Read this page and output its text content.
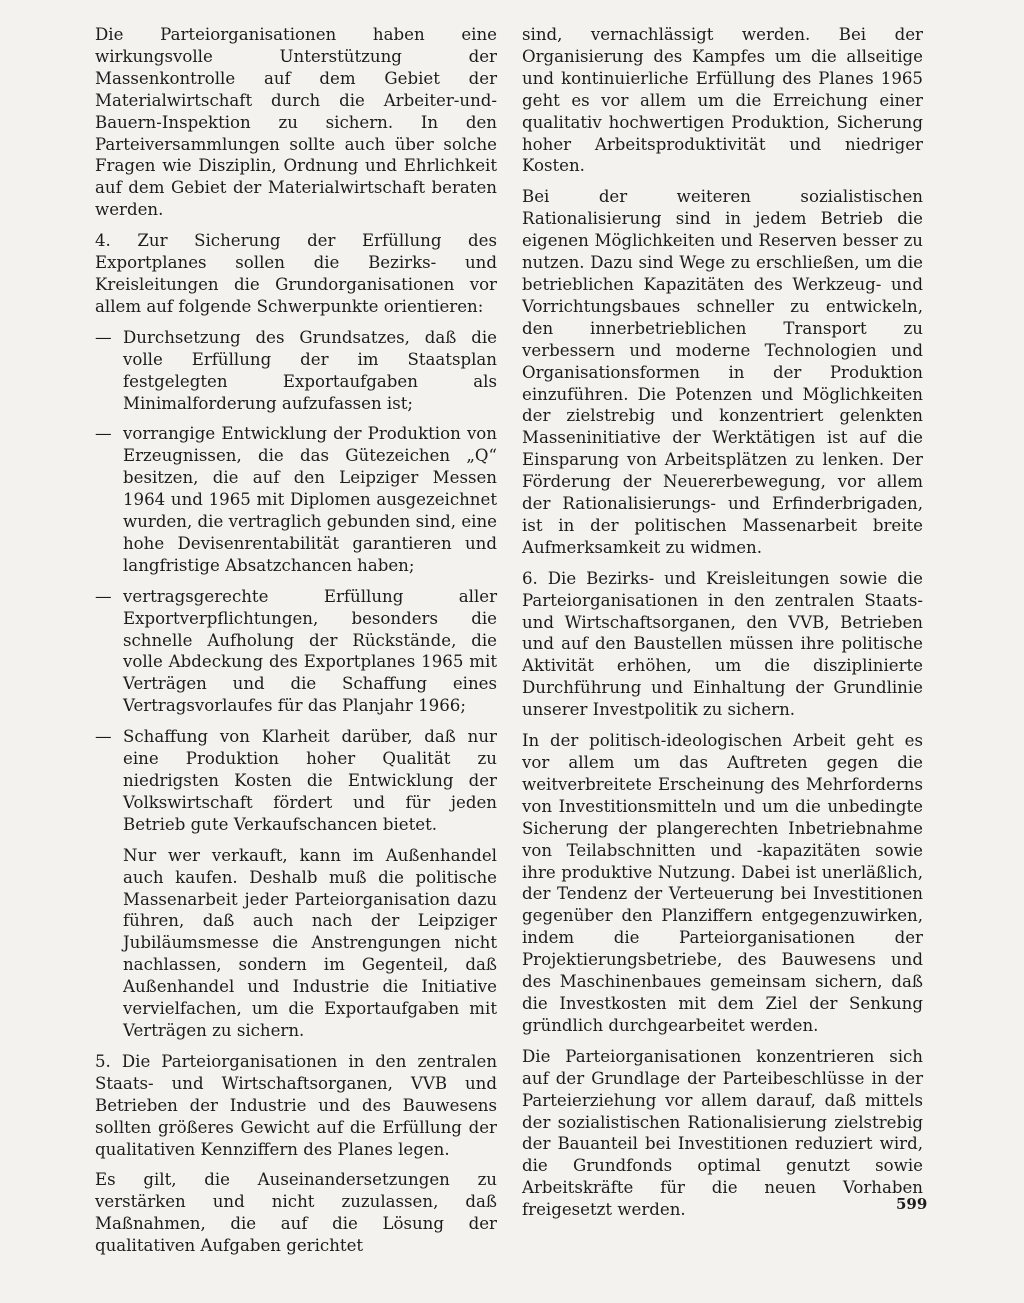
Die Parteiorganisationen haben eine wirkungsvolle Unterstützung der Massenkontrolle auf dem Gebiet der Materialwirtschaft durch die Arbeiter-und-Bauern-Inspektion zu sichern. In den Parteiversammlungen sollte auch über solche Fragen wie Disziplin, Ordnung und Ehrlichkeit auf dem Gebiet der Materialwirtschaft beraten werden.

4. Zur Sicherung der Erfüllung des Exportplanes sollen die Bezirks- und Kreisleitungen die Grundorganisationen vor allem auf folgende Schwerpunkte orientieren:

— Durchsetzung des Grundsatzes, daß die volle Erfüllung der im Staatsplan festgelegten Exportaufgaben als Minimalforderung aufzufassen ist;
— vorrangige Entwicklung der Produktion von Erzeugnissen, die das Gütezeichen „Q“ besitzen, die auf den Leipziger Messen 1964 und 1965 mit Diplomen ausgezeichnet wurden, die vertraglich gebunden sind, eine hohe Devisenrentabilität garantieren und langfristige Absatzchancen haben;
— vertragsgerechte Erfüllung aller Exportverpflichtungen, besonders die schnelle Aufholung der Rückstände, die volle Abdeckung des Exportplanes 1965 mit Verträgen und die Schaffung eines Vertragsvorlaufes für das Planjahr 1966;
— Schaffung von Klarheit darüber, daß nur eine Produktion hoher Qualität zu niedrigsten Kosten die Entwicklung der Volkswirtschaft fördert und für jeden Betrieb gute Verkaufschancen bietet.

Nur wer verkauft, kann im Außenhandel auch kaufen. Deshalb muß die politische Massenarbeit jeder Parteiorganisation dazu führen, daß auch nach der Leipziger Jubiläumsmesse die Anstrengungen nicht nachlassen, sondern im Gegenteil, daß Außenhandel und Industrie die Initiative vervielfachen, um die Exportaufgaben mit Verträgen zu sichern.

5. Die Parteiorganisationen in den zentralen Staats- und Wirtschaftsorganen, VVB und Betrieben der Industrie und des Bauwesens sollten größeres Gewicht auf die Erfüllung der qualitativen Kennziffern des Planes legen.

Es gilt, die Auseinandersetzungen zu verstärken und nicht zuzulassen, daß Maßnahmen, die auf die Lösung der qualitativen Aufgaben gerichtet

sind, vernachlässigt werden. Bei der Organisierung des Kampfes um die allseitige und kontinuierliche Erfüllung des Planes 1965 geht es vor allem um die Erreichung einer qualitativ hochwertigen Produktion, Sicherung hoher Arbeitsproduktivität und niedriger Kosten.

Bei der weiteren sozialistischen Rationalisierung sind in jedem Betrieb die eigenen Möglichkeiten und Reserven besser zu nutzen. Dazu sind Wege zu erschließen, um die betrieblichen Kapazitäten des Werkzeug- und Vorrichtungsbaues schneller zu entwickeln, den innerbetrieblichen Transport zu verbessern und moderne Technologien und Organisationsformen in der Produktion einzuführen. Die Potenzen und Möglichkeiten der zielstrebig und konzentriert gelenkten Masseninitiative der Werktätigen ist auf die Einsparung von Arbeitsplätzen zu lenken. Der Förderung der Neuererbewegung, vor allem der Rationalisierungs- und Erfinderbrigaden, ist in der politischen Massenarbeit breite Aufmerksamkeit zu widmen.

6. Die Bezirks- und Kreisleitungen sowie die Parteiorganisationen in den zentralen Staats- und Wirtschaftsorganen, den VVB, Betrieben und auf den Baustellen müssen ihre politische Aktivität erhöhen, um die disziplinierte Durchführung und Einhaltung der Grundlinie unserer Investpolitik zu sichern.

In der politisch-ideologischen Arbeit geht es vor allem um das Auftreten gegen die weitverbreitete Erscheinung des Mehrforderns von Investitionsmitteln und um die unbedingte Sicherung der plangerechten Inbetriebnahme von Teilabschnitten und -kapazitäten sowie ihre produktive Nutzung. Dabei ist unerläßlich, der Tendenz der Verteuerung bei Investitionen gegenüber den Planziffern entgegenzuwirken, indem die Parteiorganisationen der Projektierungsbetriebe, des Bauwesens und des Maschinenbaues gemeinsam sichern, daß die Investkosten mit dem Ziel der Senkung gründlich durchgearbeitet werden.

Die Parteiorganisationen konzentrieren sich auf der Grundlage der Parteibeschlüsse in der Parteierziehung vor allem darauf, daß mittels der sozialistischen Rationalisierung zielstrebig der Bauanteil bei Investitionen reduziert wird, die Grundfonds optimal genutzt sowie Arbeitskräfte für die neuen Vorhaben freigesetzt werden.	599
